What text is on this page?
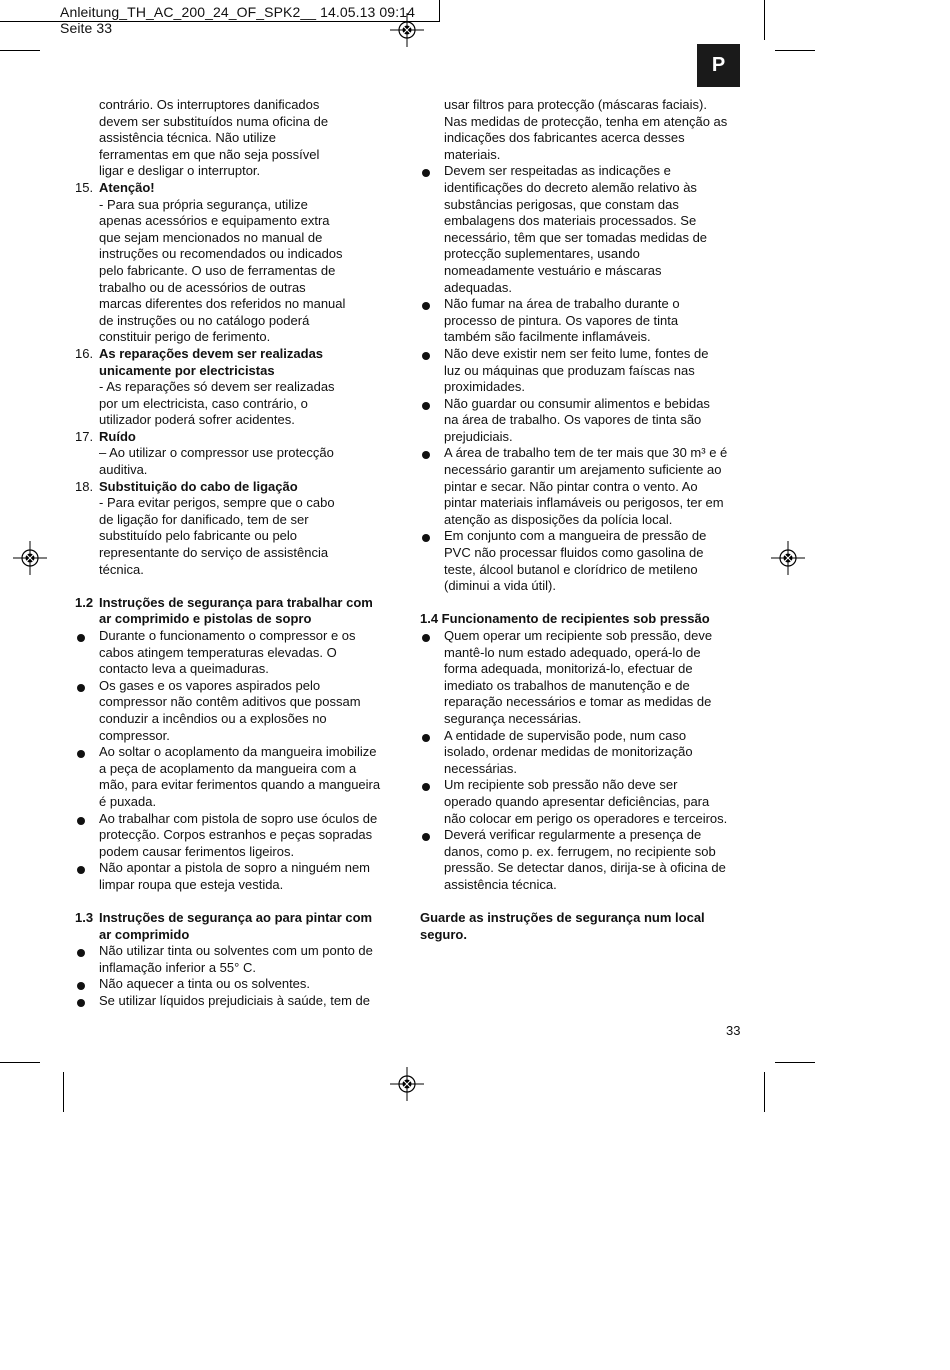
Anleitung_TH_AC_200_24_OF_SPK2__ 14.05.13 09:14 Seite 33
P
contrário. Os interruptores danificados
devem ser substituídos numa oficina de
assistência técnica. Não utilize
ferramentas em que não seja possível
ligar e desligar o interruptor.
15. Atenção!
- Para sua própria segurança, utilize
apenas acessórios e equipamento extra
que sejam mencionados no manual de
instruções ou recomendados ou indicados
pelo fabricante. O uso de ferramentas de
trabalho ou de acessórios de outras
marcas diferentes dos referidos no manual
de instruções ou no catálogo poderá
constituir perigo de ferimento.
16. As reparações devem ser realizadas
unicamente por electricistas
- As reparações só devem ser realizadas
por um electricista, caso contrário, o
utilizador poderá sofrer acidentes.
17. Ruído
– Ao utilizar o compressor use protecção
auditiva.
18. Substituição do cabo de ligação
- Para evitar perigos, sempre que o cabo
de ligação for danificado, tem de ser
substituído pelo fabricante ou pelo
representante do serviço de assistência
técnica.
1.2 Instruções de segurança para trabalhar com
ar comprimido e pistolas de sopro
Durante o funcionamento o compressor e os
cabos atingem temperaturas elevadas. O
contacto leva a queimaduras.
Os gases e os vapores aspirados pelo
compressor não contêm aditivos que possam
conduzir a incêndios ou a explosões no
compressor.
Ao soltar o acoplamento da mangueira imobilize
a peça de acoplamento da mangueira com a
mão, para evitar ferimentos quando a mangueira
é puxada.
Ao trabalhar com pistola de sopro use óculos de
protecção. Corpos estranhos e peças sopradas
podem causar ferimentos ligeiros.
Não apontar a pistola de sopro a ninguém nem
limpar roupa que esteja vestida.
1.3 Instruções de segurança ao para pintar com
ar comprimido
Não utilizar tinta ou solventes com um ponto de
inflamação inferior a 55° C.
Não aquecer a tinta ou os solventes.
Se utilizar líquidos prejudiciais à saúde, tem de
usar filtros para protecção (máscaras faciais).
Nas medidas de protecção, tenha em atenção as
indicações dos fabricantes acerca desses
materiais.
Devem ser respeitadas as indicações e
identificações do decreto alemão relativo às
substâncias perigosas, que constam das
embalagens dos materiais processados. Se
necessário, têm que ser tomadas medidas de
protecção suplementares, usando
nomeadamente vestuário e máscaras
adequadas.
Não fumar na área de trabalho durante o
processo de pintura. Os vapores de tinta
também são facilmente inflamáveis.
Não deve existir nem ser feito lume, fontes de
luz ou máquinas que produzam faíscas nas
proximidades.
Não guardar ou consumir alimentos e bebidas
na área de trabalho. Os vapores de tinta são
prejudiciais.
A área de trabalho tem de ter mais que 30 m³ e é
necessário garantir um arejamento suficiente ao
pintar e secar. Não pintar contra o vento. Ao
pintar materiais inflamáveis ou perigosos, ter em
atenção as disposições da polícia local.
Em conjunto com a mangueira de pressão de
PVC não processar fluidos como gasolina de
teste, álcool butanol e clorídrico de metileno
(diminui a vida útil).
1.4 Funcionamento de recipientes sob pressão
Quem operar um recipiente sob pressão, deve
mantê-lo num estado adequado, operá-lo de
forma adequada, monitorizá-lo, efectuar de
imediato os trabalhos de manutenção e de
reparação necessários e tomar as medidas de
segurança necessárias.
A entidade de supervisão pode, num caso
isolado, ordenar medidas de monitorização
necessárias.
Um recipiente sob pressão não deve ser
operado quando apresentar deficiências, para
não colocar em perigo os operadores e terceiros.
Deverá verificar regularmente a presença de
danos, como p. ex. ferrugem, no recipiente sob
pressão. Se detectar danos, dirija-se à oficina de
assistência técnica.
Guarde as instruções de segurança num local
seguro.
33
